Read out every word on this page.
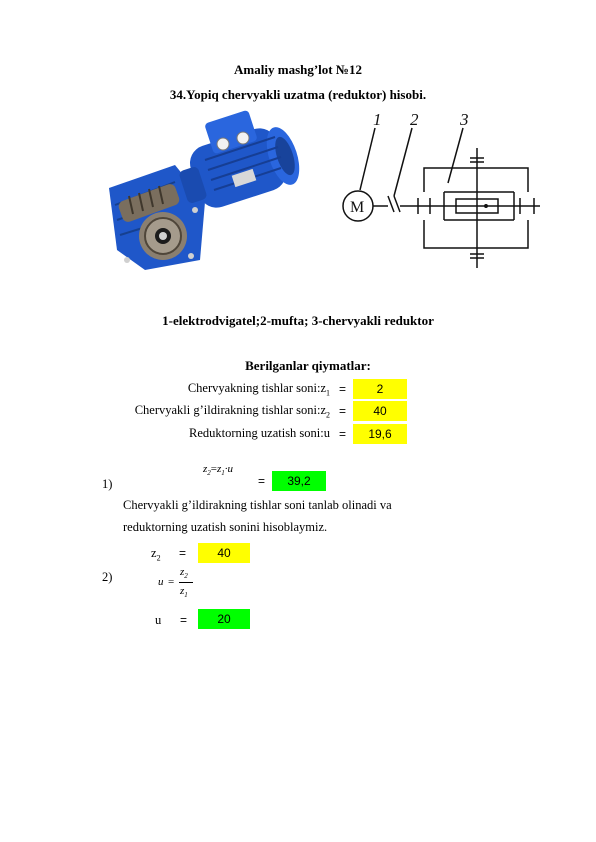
Amaliy mashg’lot №12
34.Yopiq chervyakli uzatma (reduktor) hisobi.
1 2 3
M
1-elektrodvigatel;2-mufta; 3-chervyakli reduktor
Berilganlar qiymatlar:
Chervyakning tishlar $soni:z_1$ =	2
Chervyakli g’ildirakning tishlar $soni:z_2$ =	40
Reduktorning uzatish soni:u =	19,6
1)
$z_2=z_1\cdot u$
=	39,2
Chervyakli g’ildirakning tishlar soni tanlab olinadi va
reduktorning uzatish sonini hisoblaymiz.
$z_2$ =	40
2)	u =
$z_2$
$z_1$
u =	20
